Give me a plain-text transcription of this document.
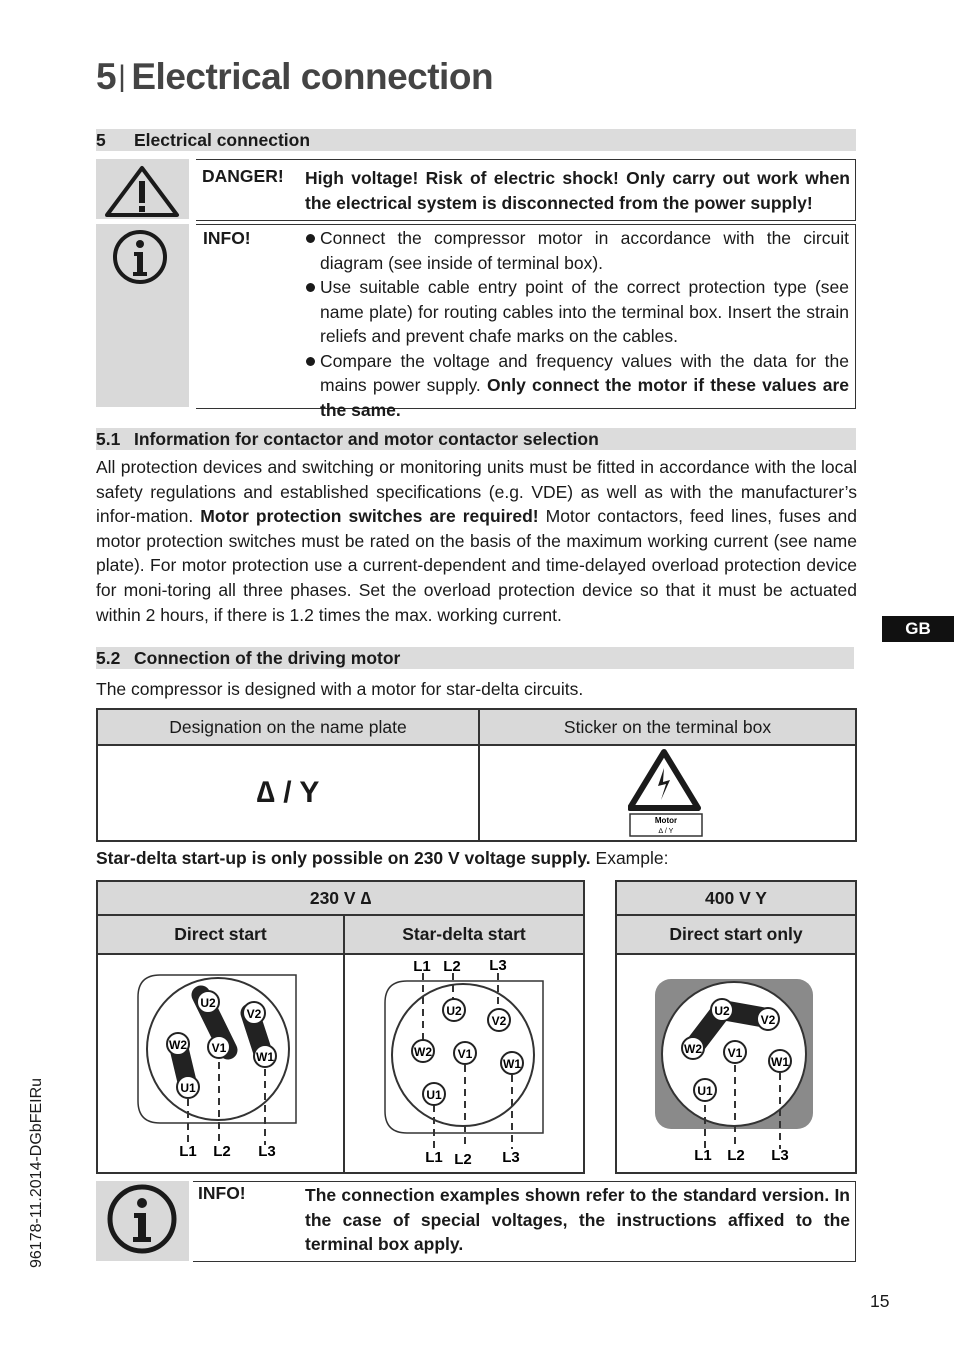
5| Electrical connection
5 Electrical connection
DANGER! High voltage! Risk of electric shock! Only carry out work when the electrical system is disconnected from the power supply!
INFO!	Connect the compressor motor in accordance with the circuit diagram (see inside of terminal box).
Use suitable cable entry point of the correct protection type (see name plate) for routing cables into the terminal box. Insert the strain reliefs and prevent chafe marks on the cables.
Compare the voltage and frequency values with the data for the mains power supply. Only connect the motor if these values are the same.
5.1 Information for contactor and motor contactor selection
All protection devices and switching or monitoring units must be fitted in accordance with the local safety regulations and established specifications (e.g. VDE) as well as with the manufacturer’s infor-mation. Motor protection switches are required! Motor contactors, feed lines, fuses and motor protection switches must be rated on the basis of the maximum working current (see name plate). For motor protection use a current-dependent and time-delayed overload protection device for moni-toring all three phases. Set the overload protection device so that it must be actuated within 2 hours, if there is 1.2 times the max. working current.
GB
5.2 Connection of the driving motor
The compressor is designed with a motor for star-delta circuits.
Designation on the name plate	Sticker on the terminal box
∆ / Y	Motor
∆ / Y
Star-delta start-up is only possible on 230 V voltage supply. Example:
230 V ∆	
Direct start	Star-delta start

400 V Y
Direct start only

U2
V2
W2 V1
W1
U1
L1 L2 L3
U2
V2
W2 V1
W1
U1
L1 L2 L3
L1 L2 L3
U2
V2
W2 V1
W1
U1
L1 L2 L3
INFO!	The connection examples shown refer to the standard version. In the case of special voltages, the instructions affixed to the terminal box apply.
96178-11.2014-DGbFEIRu
15
